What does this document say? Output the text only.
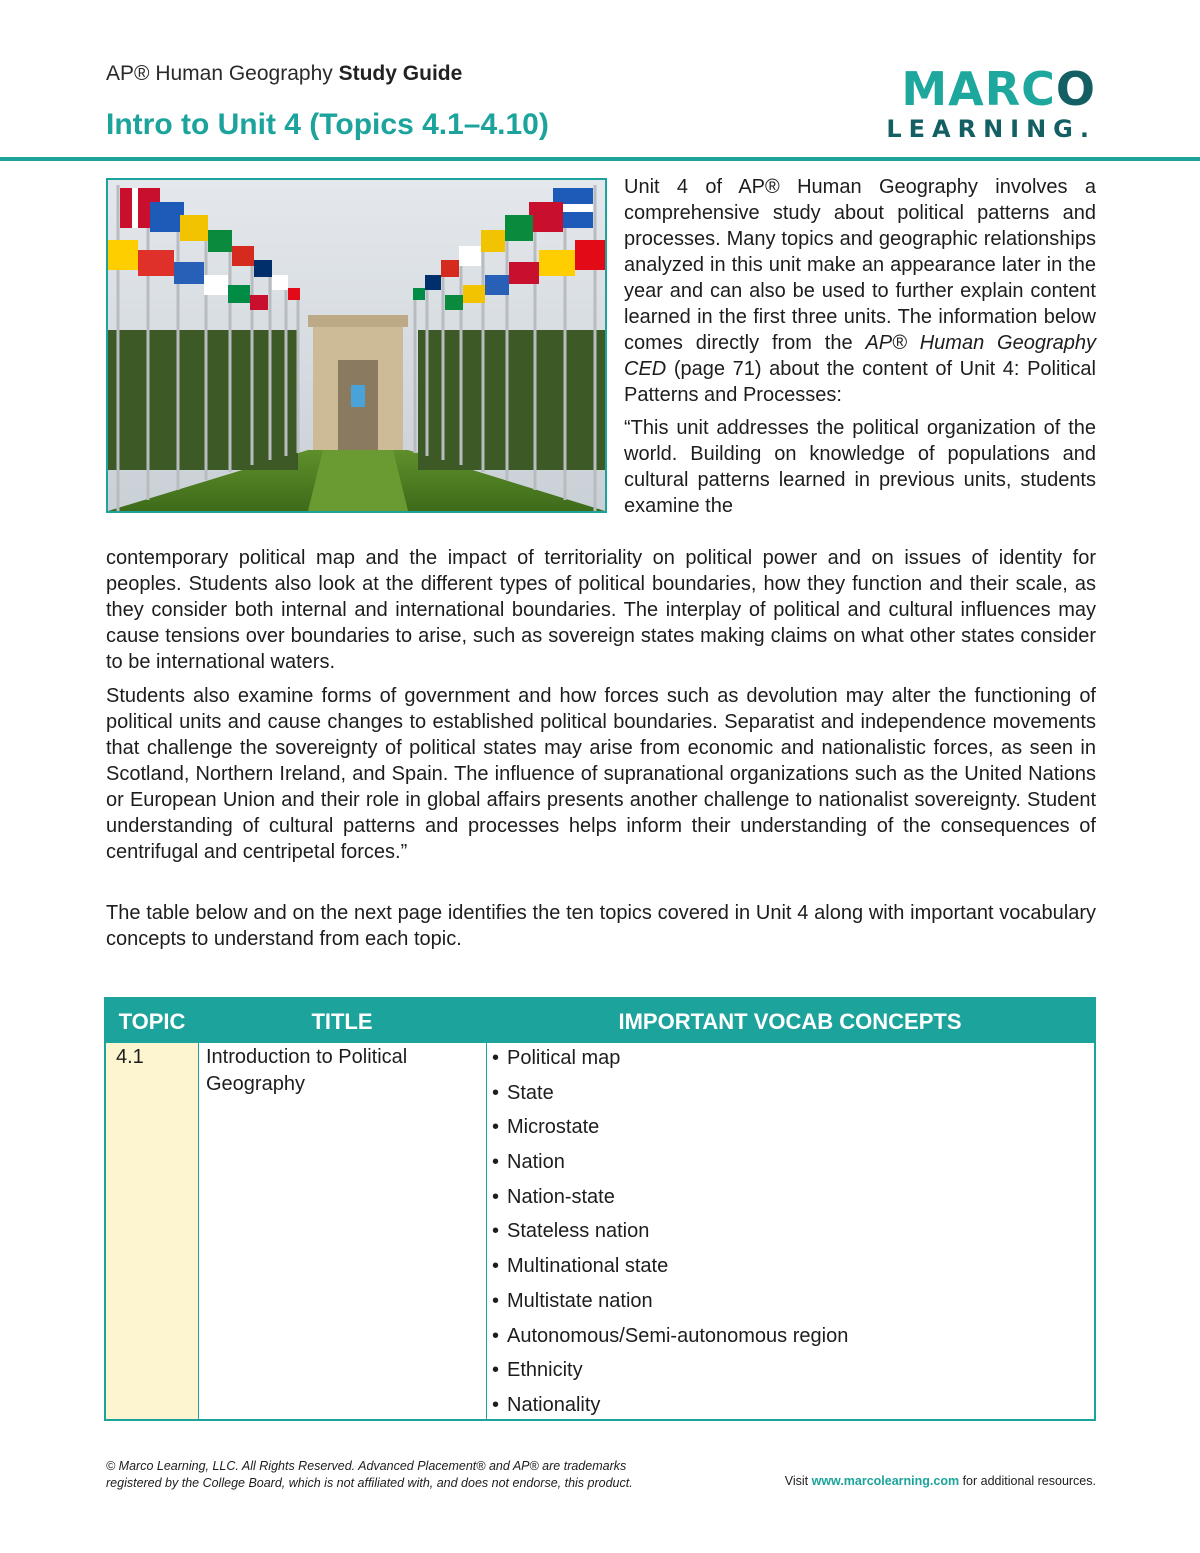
AP® Human Geography Study Guide
Intro to Unit 4 (Topics 4.1–4.10)
MARCO
LEARNING.

Unit 4 of AP® Human Geography involves a comprehensive study about political patterns and processes. Many topics and geographic relationships analyzed in this unit make an appearance later in the year and can also be used to further explain content learned in the first three units. The information below comes directly from the AP® Human Geography CED (page 71) about the content of Unit 4: Political Patterns and Processes:

“This unit addresses the political organization of the world. Building on knowledge of populations and cultural patterns learned in previous units, students examine the

contemporary political map and the impact of territoriality on political power and on issues of identity for peoples. Students also look at the different types of political boundaries, how they function and their scale, as they consider both internal and international boundaries. The interplay of political and cultural influences may cause tensions over boundaries to arise, such as sovereign states making claims on what other states consider to be international waters.
Students also examine forms of government and how forces such as devolution may alter the functioning of political units and cause changes to established political boundaries. Separatist and independence movements that challenge the sovereignty of political states may arise from economic and nationalistic forces, as seen in Scotland, Northern Ireland, and Spain. The influence of supranational organizations such as the United Nations or European Union and their role in global affairs presents another challenge to nationalist sovereignty. Student understanding of cultural patterns and processes helps inform their understanding of the consequences of centrifugal and centripetal forces.”
The table below and on the next page identifies the ten topics covered in Unit 4 along with important vocabulary concepts to understand from each topic.
TOPIC	TITLE	IMPORTANT VOCAB CONCEPTS
4.1	Introduction to Political Geography
• Political map
• State
• Microstate
• Nation
• Nation-state
• Stateless nation
• Multinational state
• Multistate nation
• Autonomous/Semi-autonomous region
• Ethnicity
• Nationality
© Marco Learning, LLC. All Rights Reserved. Advanced Placement® and AP® are trademarks
registered by the College Board, which is not affiliated with, and does not endorse, this product.	Visit www.marcolearning.com for additional resources.
